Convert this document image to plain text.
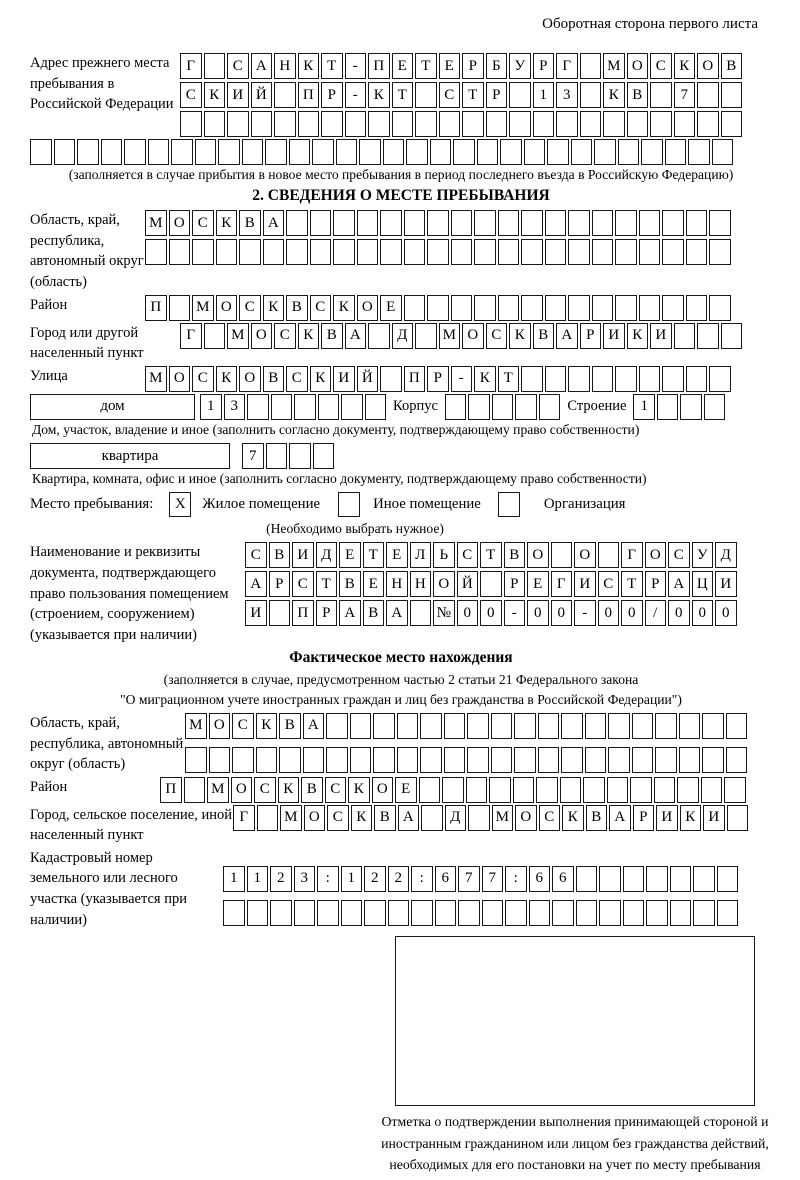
Оборотная сторона первого листа
Адрес прежнего места пребывания в Российской Федерации
Г	С А Н К Т	-	П Е Т Е Р	Б У Р Г	М О С К О В
С К И Й	П Р	-	К Т	С Т Р	1	3	К В	7
(заполняется в случае прибытия в новое место пребывания в период последнего въезда в Российскую Федерацию)
2. СВЕДЕНИЯ О МЕСТЕ ПРЕБЫВАНИЯ
Область, край, республика, автономный округ (область)
М О С К В А
Район	П	М О С К В С К О Е
Город или другой населенный пункт
Г	М О С К В А	Д	М О С К В А Р И К И
Улица	М О С К О В С К И Й	П Р	-	К Т
дом	1	3	Корпус	Строение 1
Дом, участок, владение и иное (заполнить согласно документу, подтверждающему право собственности)
квартира	7
Квартира, комната, офис и иное (заполнить согласно документу, подтверждающему право собственности)
Место пребывания:	X	Жилое помещение	Иное помещение	Организация
(Необходимо выбрать нужное)
Наименование и реквизиты документа, подтверждающего право пользования помещением (строением, сооружением) (указывается при наличии)
С В И Д Е Т Е Л Ь С Т В О	О	Г О С У Д
А Р С Т В Е Н Н О Й	Р Е Г И С Т Р А Ц И
И	П Р А В А	№ 0	0	-	0	0	-	0	0	/	0	0	0
Фактическое место нахождения
(заполняется в случае, предусмотренном частью 2 статьи 21 Федерального закона
"О миграционном учете иностранных граждан и лиц без гражданства в Российской Федерации")
Область, край, республика, автономный округ (область)
М О С К В А
Район	П	М О С К В С К О Е
Город, сельское поселение, иной населенный пункт
Г	М О С К В А	Д	М О С К В А Р И К И
Кадастровый номер земельного или лесного участка (указывается при наличии)
1	1	2	3	:	1	2	2	:	6	7	7	:	6	6
Отметка о подтверждении выполнения принимающей стороной и иностранным гражданином или лицом без гражданства действий, необходимых для его постановки на учет по месту пребывания
